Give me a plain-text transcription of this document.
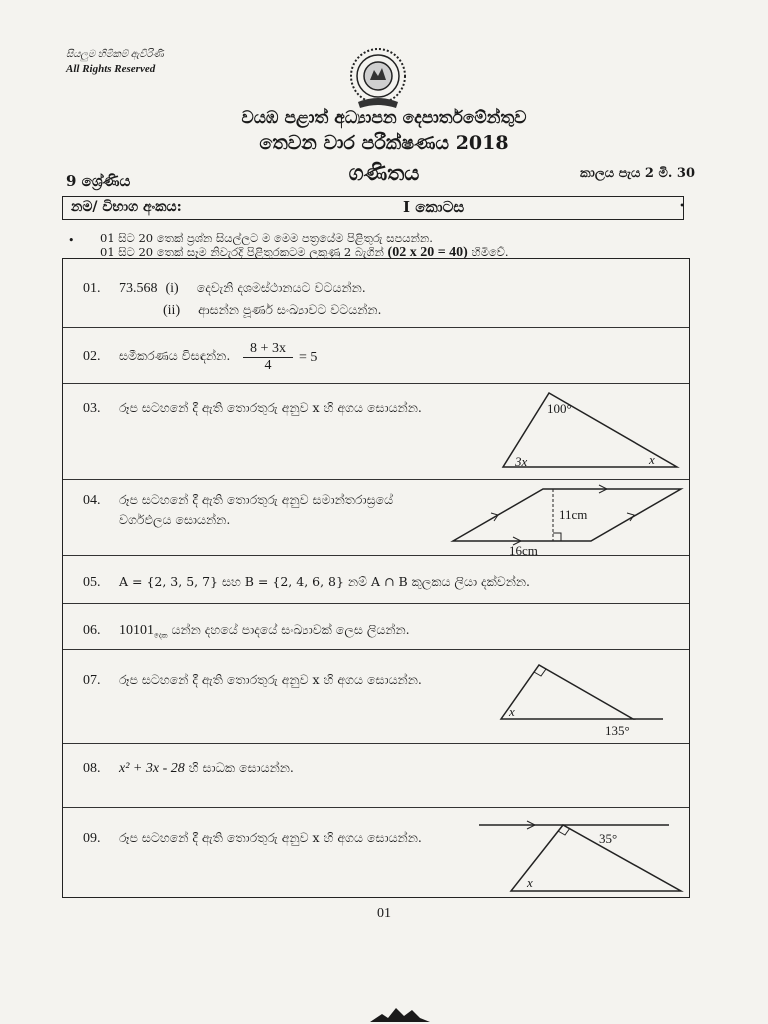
සියලුම හිමිකම් ඇවිරිණි
All Rights Reserved
වයඹ පළාත් අධ්‍යාපන දෙපාර්තමේන්තුව
තෙවන වාර පරීක්ෂණය 2018
ගණිතය
9 ශ්‍රේණිය	කාලය පැය 2 මි. 30
නම/ විභාග අංකය:	I කොටස	•
• 01 සිට 20 තෙක් ප්‍රශ්න සියල්ලට ම මෙම පත්‍රයේම පිළිතුරු සපයන්න.
01 සිට 20 තෙක් සෑම නිවැරදි පිළිතුරකටම ලකුණු 2 බැගින් (02 x 20 = 40) හිමිවේ.
01. 73.568 (i) දෙවැනි දශමස්ථානයට වටයන්න.
(ii) ආසන්න පූර්ණ සංඛ්‍යාවට වටයන්න.
02. සමීකරණය විසඳන්න. $\frac{8 + 3x}{4} = 5$
03. රූප සටහනේ දී ඇති තොරතුරු අනුව x හි අගය සොයන්න.	100°
3x	x
04. රූප සටහනේ දී ඇති තොරතුරු අනුව සමාන්තරාස්‍රයේ
වර්ගඵලය සොයන්න.	11cm
16cm
05. A = {2, 3, 5, 7} සහ B = {2, 4, 6, 8} නම් A ∩ B කුලකය ලියා දක්වන්න.
06. $10101_{දෙක}$ යන්න දහයේ පාදයේ සංඛ්‍යාවක් ලෙස ලියන්න.
07. රූප සටහනේ දී ඇති තොරතුරු අනුව x හි අගය සොයන්න.
x
135°
08. x² + 3x - 28 හි සාධක සොයන්න.
09. රූප සටහනේ දී ඇති තොරතුරු අනුව x හි අගය සොයන්න.	35°
x
01
